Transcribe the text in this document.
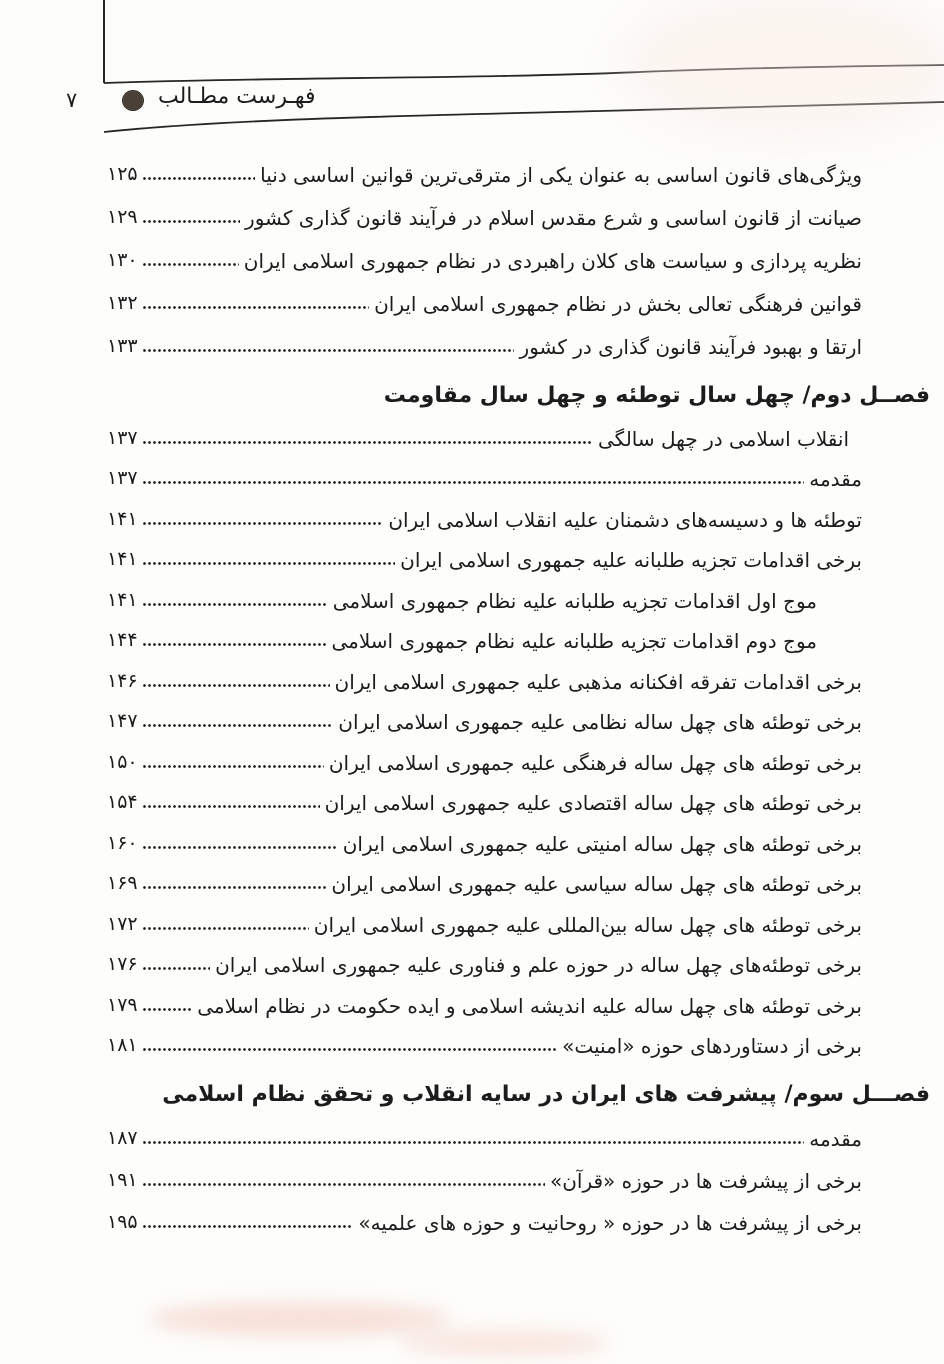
۷	فهـرست مطـالب
ویژگی‌های قانون اساسی به عنوان یکی از مترقی‌ترین قوانین اساسی دنیا
۱۲۵
صیانت از قانون اساسی و شرع مقدس اسلام در فرآیند قانون گذاری کشور
۱۲۹
نظریه پردازی و سیاست های کلان راهبردی در نظام جمهوری اسلامی ایران
۱۳۰
قوانین فرهنگی تعالی بخش در نظام جمهوری اسلامی ایران
۱۳۲
ارتقا و بهبود فرآیند قانون گذاری در کشور
۱۳۳
فصــل دوم/ چهل سال توطئه و چهل سال مقاومت
انقلاب اسلامی در چهل سالگی
۱۳۷
مقدمه
۱۳۷
توطئه ها و دسیسه‌های دشمنان علیه انقلاب اسلامی ایران
۱۴۱
برخی اقدامات تجزیه طلبانه علیه جمهوری اسلامی ایران
۱۴۱
موج اول اقدامات تجزیه طلبانه علیه نظام جمهوری اسلامی
۱۴۱
موج دوم اقدامات تجزیه طلبانه علیه نظام جمهوری اسلامی
۱۴۴
برخی اقدامات تفرقه افکنانه مذهبی علیه جمهوری اسلامی ایران
۱۴۶
برخی توطئه های چهل ساله نظامی علیه جمهوری اسلامی ایران
۱۴۷
برخی توطئه های چهل ساله فرهنگی علیه جمهوری اسلامی ایران
۱۵۰
برخی توطئه های چهل ساله اقتصادی علیه جمهوری اسلامی ایران
۱۵۴
برخی توطئه های چهل ساله امنیتی علیه جمهوری اسلامی ایران
۱۶۰
برخی توطئه های چهل ساله سیاسی علیه جمهوری اسلامی ایران
۱۶۹
برخی توطئه های چهل ساله بین‌المللی علیه جمهوری اسلامی ایران
۱۷۲
برخی توطئه‌های چهل ساله در حوزه علم و فناوری علیه جمهوری اسلامی ایران
۱۷۶
برخی توطئه های چهل ساله علیه اندیشه اسلامی و ایده حکومت در نظام اسلامی
۱۷۹
برخی از دستاوردهای حوزه «امنیت»
۱۸۱
فصـــل سوم/ پیشرفت های ایران در سایه انقلاب و تحقق نظام اسلامی
مقدمه
۱۸۷
برخی از پیشرفت ها در حوزه «قرآن»
۱۹۱
برخی از پیشرفت ها در حوزه « روحانیت و حوزه های علمیه»
۱۹۵
